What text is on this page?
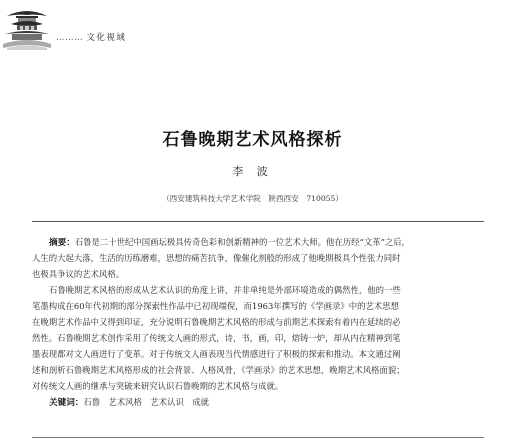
……… 文化视域
石鲁晚期艺术风格探析
李 波
（西安建筑科技大学艺术学院　陕西西安　710055）
摘要：石鲁是二十世纪中国画坛极具传奇色彩和创新精神的一位艺术大师。他在历经“文革”之后，
人生的大起大落，生活的历练磨难，思想的痛苦抗争，像催化剂般的形成了他晚期极具个性张力同时
也极具争议的艺术风格。
石鲁晚期艺术风格的形成从艺术认识的角度上讲，并非单纯是外部环境造成的偶然性，他的一些
笔墨构成在60年代初期的部分探索性作品中已初现端倪，而1963年撰写的《学画录》中的艺术思想
在晚期艺术作品中又得到印证，充分说明石鲁晚期艺术风格的形成与前期艺术探索有着内在延续的必
然性。石鲁晚期艺术创作采用了传统文人画的形式，诗，书，画，印，熔铸一炉，却从内在精神到笔
墨表现都对文人画进行了变革。对于传统文人画表现当代情感进行了积极的探索和推动。本文通过阐
述和剖析石鲁晚期艺术风格形成的社会背景、人格风骨，《学画录》的艺术思想，晚期艺术风格面貌；
对传统文人画的继承与突破来研究认识石鲁晚期的艺术风格与成就。
关键词：石鲁　艺术风格　艺术认识　成就
